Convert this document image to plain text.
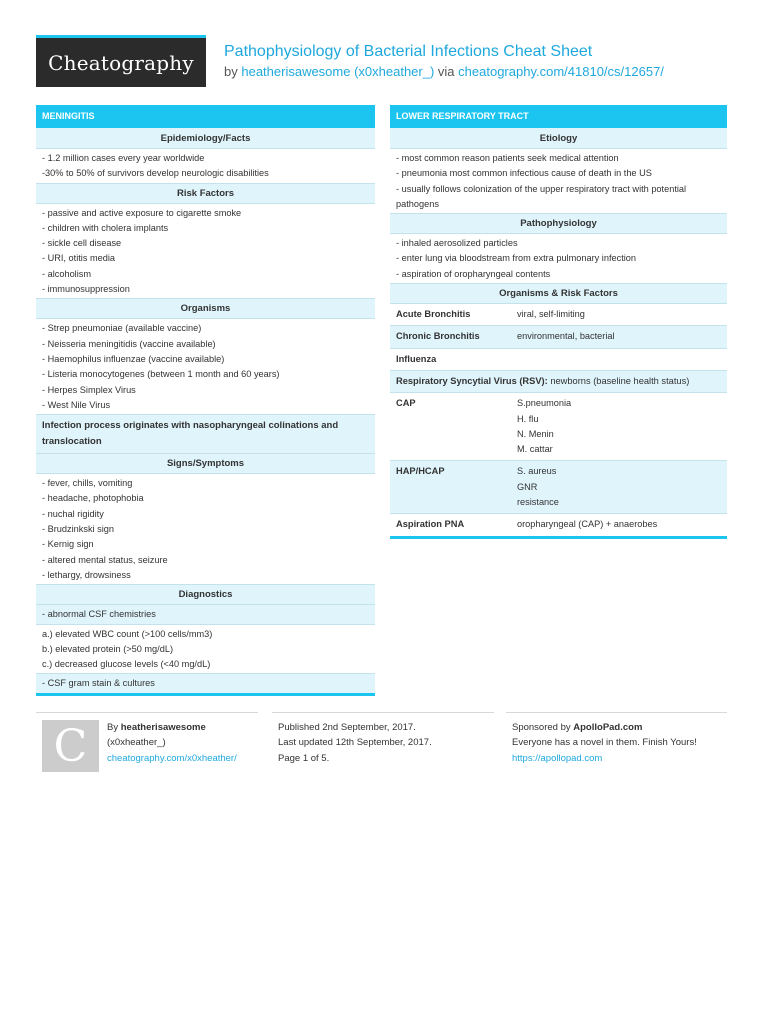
Cheatography Pathophysiology of Bacterial Infections Cheat Sheet
by heatherisawesome (x0xheather_) via cheatography.com/41810/cs/12657/
MENINGITIS
Epidemiology/Facts
- 1.2 million cases every year worldwide
-30% to 50% of survivors develop neurologic disabilities
Risk Factors
- passive and active exposure to cigarette smoke
- children with cholera implants
- sickle cell disease
- URI, otitis media
- alcoholism
- immunosuppression
Organisms
- Strep pneumoniae (available vaccine)
- Neisseria meningitidis (vaccine available)
- Haemophilus influenzae (vaccine available)
- Listeria monocytogenes (between 1 month and 60 years)
- Herpes Simplex Virus
- West Nile Virus
Infection process originates with nasopharyngeal colinations and translocation
Signs/Symptoms
- fever, chills, vomiting
- headache, photophobia
- nuchal rigidity
- Brudzinkski sign
- Kernig sign
- altered mental status, seizure
- lethargy, drowsiness
Diagnostics
- abnormal CSF chemistries
a.) elevated WBC count (>100 cells/mm3)
b.) elevated protein (>50 mg/dL)
c.) decreased glucose levels (<40 mg/dL)
- CSF gram stain & cultures
LOWER RESPIRATORY TRACT
Etiology
- most common reason patients seek medical attention
- pneumonia most common infectious cause of death in the US
- usually follows colonization of the upper respiratory tract with potential pathogens
Pathophysiology
- inhaled aerosolized particles
- enter lung via bloodstream from extra pulmonary infection
- aspiration of oropharyngeal contents
Organisms & Risk Factors
Acute Bronchitis	viral, self-limiting
Chronic Bronchitis	environmental, bacterial
Influenza
Respiratory Syncytial Virus (RSV): newborns (baseline health status)
CAP	S.pneumonia
H. flu
N. Menin
M. cattar
HAP/HCAP	S. aureus
GNR
resistance
Aspiration PNA	oropharyngeal (CAP) + anaerobes
C By heatherisawesome
(x0xheather_)
cheatography.com/x0xheather/
Published 2nd September, 2017.
Last updated 12th September, 2017.
Page 1 of 5.
Sponsored by ApolloPad.com
Everyone has a novel in them. Finish Yours!
https://apollopad.com
